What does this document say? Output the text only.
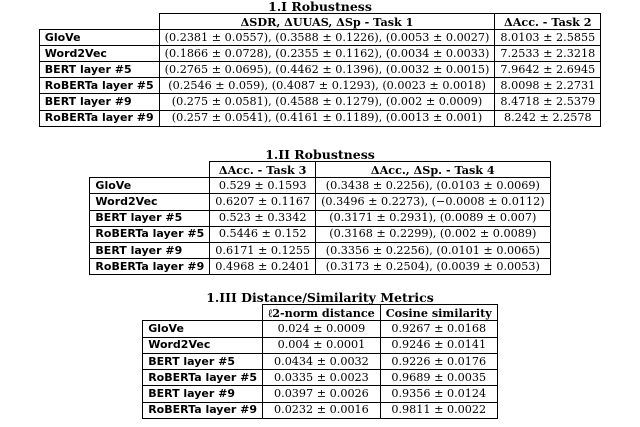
1.I Robustness

	ΔSDR, ΔUUAS, ΔSp - Task 1	ΔAcc. - Task 2
GloVe	(0.2381 ± 0.0557), (0.3588 ± 0.1226), (0.0053 ± 0.0027)	8.0103 ± 2.5855
Word2Vec	(0.1866 ± 0.0728), (0.2355 ± 0.1162), (0.0034 ± 0.0033)	7.2533 ± 2.3218
BERT layer #5	(0.2765 ± 0.0695), (0.4462 ± 0.1396), (0.0032 ± 0.0015)	7.9642 ± 2.6945
RoBERTa layer #5	(0.2546 ± 0.059), (0.4087 ± 0.1293), (0.0023 ± 0.0018)	8.0098 ± 2.2731
BERT layer #9	(0.275 ± 0.0581), (0.4588 ± 0.1279), (0.002 ± 0.0009)	8.4718 ± 2.5379
RoBERTa layer #9	(0.257 ± 0.0541), (0.4161 ± 0.1189), (0.0013 ± 0.001)	8.242 ± 2.2578

1.II Robustness

	ΔAcc. - Task 3	ΔAcc., ΔSp. - Task 4
GloVe	0.529 ± 0.1593	(0.3438 ± 0.2256), (0.0103 ± 0.0069)
Word2Vec	0.6207 ± 0.1167	(0.3496 ± 0.2273), (−0.0008 ± 0.0112)
BERT layer #5	0.523 ± 0.3342	(0.3171 ± 0.2931), (0.0089 ± 0.007)
RoBERTa layer #5	0.5446 ± 0.152	(0.3168 ± 0.2299), (0.002 ± 0.0089)
BERT layer #9	0.6171 ± 0.1255	(0.3356 ± 0.2256), (0.0101 ± 0.0065)
RoBERTa layer #9	0.4968 ± 0.2401	(0.3173 ± 0.2504), (0.0039 ± 0.0053)

1.III Distance/Similarity Metrics

	ℓ2-norm distance	Cosine similarity
GloVe	0.024 ± 0.0009	0.9267 ± 0.0168
Word2Vec	0.004 ± 0.0001	0.9246 ± 0.0141
BERT layer #5	0.0434 ± 0.0032	0.9226 ± 0.0176
RoBERTa layer #5	0.0335 ± 0.0023	0.9689 ± 0.0035
BERT layer #9	0.0397 ± 0.0026	0.9356 ± 0.0124
RoBERTa layer #9	0.0232 ± 0.0016	0.9811 ± 0.0022
